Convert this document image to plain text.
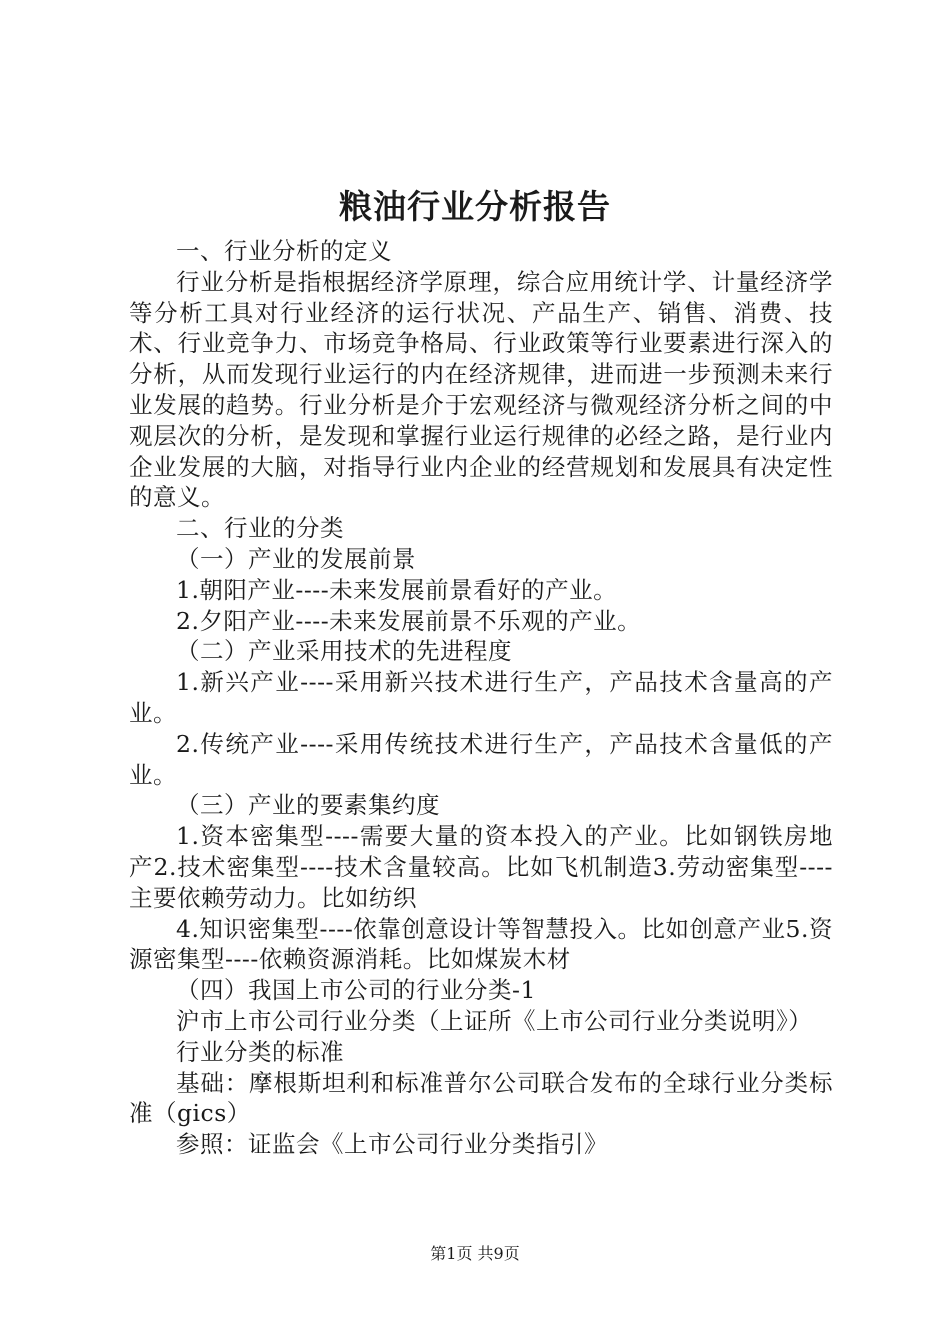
粮油行业分析报告

一、行业分析的定义

行业分析是指根据经济学原理，综合应用统计学、计量经济学等分析工具对行业经济的运行状况、产品生产、销售、消费、技术、行业竞争力、市场竞争格局、行业政策等行业要素进行深入的分析，从而发现行业运行的内在经济规律，进而进一步预测未来行业发展的趋势。行业分析是介于宏观经济与微观经济分析之间的中观层次的分析，是发现和掌握行业运行规律的必经之路，是行业内企业发展的大脑，对指导行业内企业的经营规划和发展具有决定性的意义。

二、行业的分类

（一）产业的发展前景

1.朝阳产业----未来发展前景看好的产业。

2.夕阳产业----未来发展前景不乐观的产业。

（二）产业采用技术的先进程度

1.新兴产业----采用新兴技术进行生产，产品技术含量高的产业。

2.传统产业----采用传统技术进行生产，产品技术含量低的产业。

（三）产业的要素集约度

1.资本密集型----需要大量的资本投入的产业。比如钢铁房地产2.技术密集型----技术含量较高。比如飞机制造3.劳动密集型----主要依赖劳动力。比如纺织

4.知识密集型----依靠创意设计等智慧投入。比如创意产业5.资源密集型----依赖资源消耗。比如煤炭木材

（四）我国上市公司的行业分类-1

沪市上市公司行业分类（上证所《上市公司行业分类说明》）

行业分类的标准

基础：摩根斯坦利和标准普尔公司联合发布的全球行业分类标准（gics）

参照：证监会《上市公司行业分类指引》

第1页 共9页
